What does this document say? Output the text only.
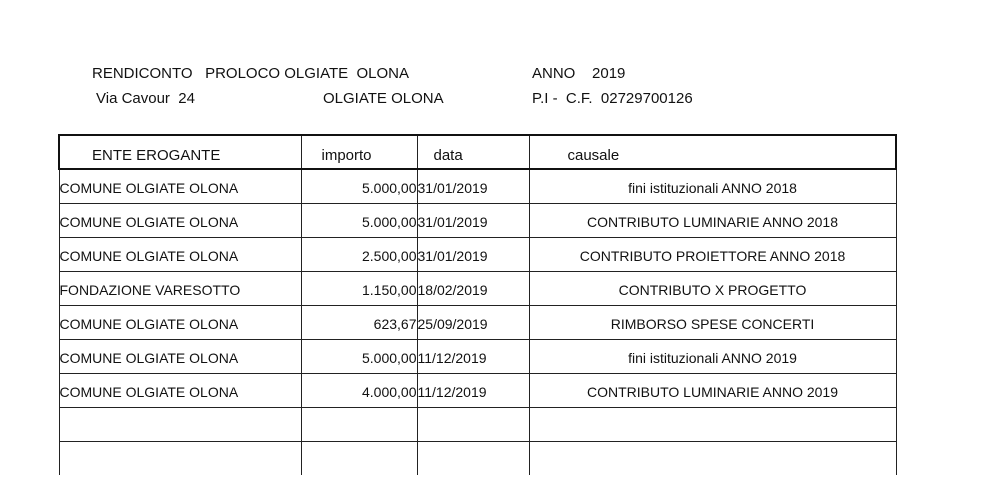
RENDICONTO   PROLOCO OLGIATE  OLONA	ANNO    2019
Via Cavour  24	OLGIATE OLONA	P.I -  C.F.  02729700126
ENTE EROGANTE	importo	data	causale
COMUNE OLGIATE OLONA	5.000,00	31/01/2019	fini istituzionali ANNO 2018
COMUNE OLGIATE OLONA	5.000,00	31/01/2019	CONTRIBUTO LUMINARIE ANNO 2018
COMUNE OLGIATE OLONA	2.500,00	31/01/2019	CONTRIBUTO PROIETTORE ANNO 2018
FONDAZIONE VARESOTTO	1.150,00	18/02/2019	CONTRIBUTO X PROGETTO
COMUNE OLGIATE OLONA	623,67	25/09/2019	RIMBORSO SPESE CONCERTI
COMUNE OLGIATE OLONA	5.000,00	11/12/2019	fini istituzionali ANNO 2019
COMUNE OLGIATE OLONA	4.000,00	11/12/2019	CONTRIBUTO LUMINARIE ANNO 2019
